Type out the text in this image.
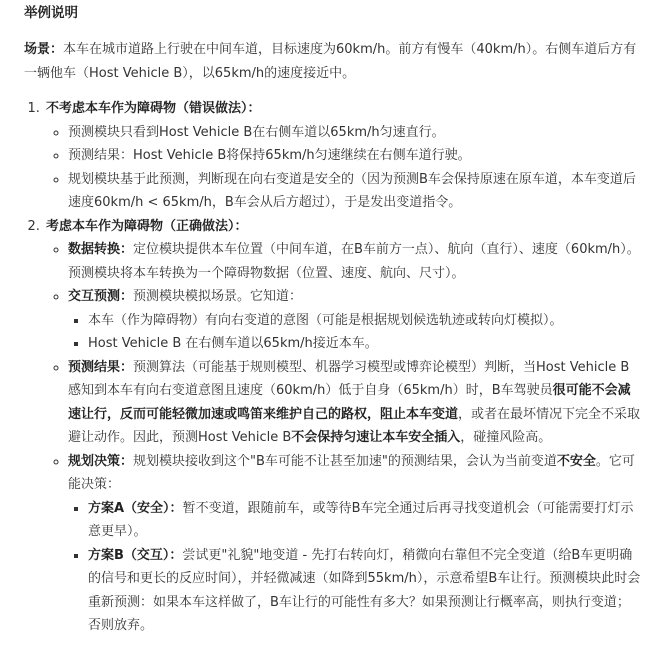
举例说明

场景：本车在城市道路上行驶在中间车道，目标速度为60km/h。前方有慢车（40km/h）。右侧车道后方有一辆他车（Host Vehicle B），以65km/h的速度接近中。

1. 不考虑本车作为障碍物（错误做法）：
◦ 预测模块只看到Host Vehicle B在右侧车道以65km/h匀速直行。
◦ 预测结果：Host Vehicle B将保持65km/h匀速继续在右侧车道行驶。
◦ 规划模块基于此预测，判断现在向右变道是安全的（因为预测B车会保持原速在原车道，本车变道后速度60km/h < 65km/h，B车会从后方超过），于是发出变道指令。
2. 考虑本车作为障碍物（正确做法）：
◦ 数据转换：定位模块提供本车位置（中间车道，在B车前方一点）、航向（直行）、速度（60km/h）。预测模块将本车转换为一个障碍物数据（位置、速度、航向、尺寸）。
◦ 交互预测：预测模块模拟场景。它知道：
▪ 本车（作为障碍物）有向右变道的意图（可能是根据规划候选轨迹或转向灯模拟）。
▪ Host Vehicle B 在右侧车道以65km/h接近本车。
◦ 预测结果：预测算法（可能基于规则模型、机器学习模型或博弈论模型）判断，当Host Vehicle B感知到本车有向右变道意图且速度（60km/h）低于自身（65km/h）时，B车驾驶员很可能不会减速让行，反而可能轻微加速或鸣笛来维护自己的路权，阻止本车变道，或者在最坏情况下完全不采取避让动作。因此，预测Host Vehicle B不会保持匀速让本车安全插入，碰撞风险高。
◦ 规划决策：规划模块接收到这个"B车可能不让甚至加速"的预测结果，会认为当前变道不安全。它可能决策：
▪ 方案A（安全）：暂不变道，跟随前车，或等待B车完全通过后再寻找变道机会（可能需要打灯示意更早）。
▪ 方案B（交互）：尝试更"礼貌"地变道 - 先打右转向灯，稍微向右靠但不完全变道（给B车更明确的信号和更长的反应时间），并轻微减速（如降到55km/h），示意希望B车让行。预测模块此时会重新预测：如果本车这样做了，B车让行的可能性有多大？如果预测让行概率高，则执行变道；否则放弃。
